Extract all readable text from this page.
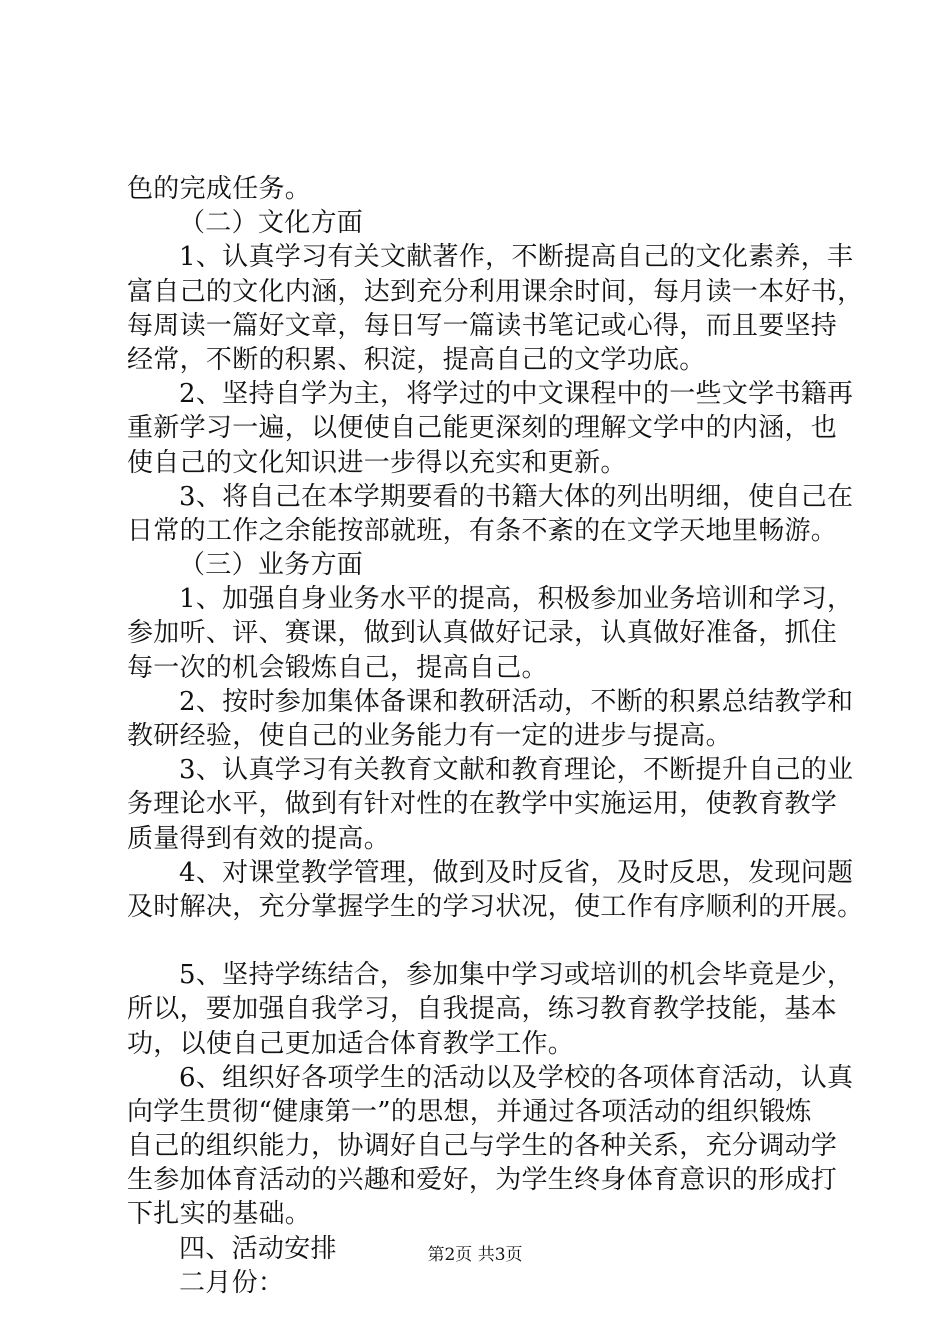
色的完成任务。
（二）文化方面
1、认真学习有关文献著作，不断提高自己的文化素养，丰
富自己的文化内涵，达到充分利用课余时间，每月读一本好书，
每周读一篇好文章，每日写一篇读书笔记或心得，而且要坚持
经常，不断的积累、积淀，提高自己的文学功底。
2、坚持自学为主，将学过的中文课程中的一些文学书籍再
重新学习一遍，以便使自己能更深刻的理解文学中的内涵，也
使自己的文化知识进一步得以充实和更新。
3、将自己在本学期要看的书籍大体的列出明细，使自己在
日常的工作之余能按部就班，有条不紊的在文学天地里畅游。
（三）业务方面
1、加强自身业务水平的提高，积极参加业务培训和学习，
参加听、评、赛课，做到认真做好记录，认真做好准备，抓住
每一次的机会锻炼自己，提高自己。
2、按时参加集体备课和教研活动，不断的积累总结教学和
教研经验，使自己的业务能力有一定的进步与提高。
3、认真学习有关教育文献和教育理论，不断提升自己的业
务理论水平，做到有针对性的在教学中实施运用，使教育教学
质量得到有效的提高。
4、对课堂教学管理，做到及时反省，及时反思，发现问题
及时解决，充分掌握学生的学习状况，使工作有序顺利的开展。
5、坚持学练结合，参加集中学习或培训的机会毕竟是少，
所以，要加强自我学习，自我提高，练习教育教学技能，基本
功，以使自己更加适合体育教学工作。
6、组织好各项学生的活动以及学校的各项体育活动，认真
向学生贯彻“健康第一”的思想，并通过各项活动的组织锻炼
自己的组织能力，协调好自己与学生的各种关系，充分调动学
生参加体育活动的兴趣和爱好，为学生终身体育意识的形成打
下扎实的基础。
四、活动安排
二月份：
第2页 共3页
